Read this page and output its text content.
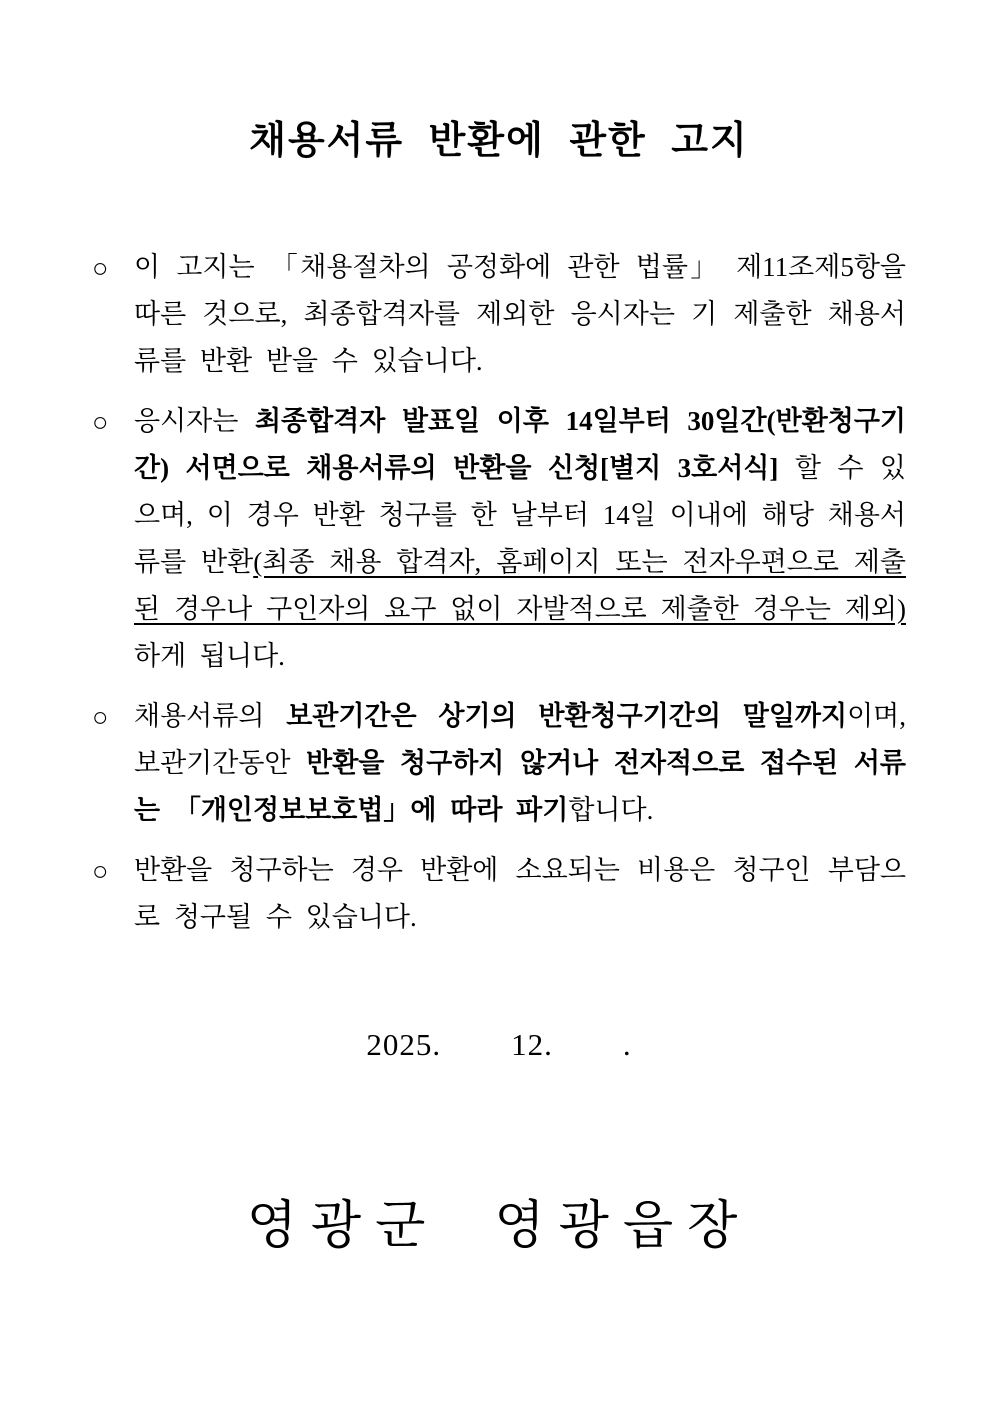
채용서류 반환에 관한 고지

○ 이 고지는 「채용절차의 공정화에 관한 법률」 제11조제5항을 따른 것으로, 최종합격자를 제외한 응시자는 기 제출한 채용서류를 반환 받을 수 있습니다.

○ 응시자는 최종합격자 발표일 이후 14일부터 30일간(반환청구기간) 서면으로 채용서류의 반환을 신청[별지 3호서식] 할 수 있으며, 이 경우 반환 청구를 한 날부터 14일 이내에 해당 채용서류를 반환(최종 채용 합격자, 홈페이지 또는 전자우편으로 제출된 경우나 구인자의 요구 없이 자발적으로 제출한 경우는 제외)하게 됩니다.

○ 채용서류의 보관기간은 상기의 반환청구기간의 말일까지이며, 보관기간동안 반환을 청구하지 않거나 전자적으로 접수된 서류는 「개인정보보호법」에 따라 파기합니다.

○ 반환을 청구하는 경우 반환에 소요되는 비용은 청구인 부담으로 청구될 수 있습니다.

2025. 12. .
영광군 영광읍장
